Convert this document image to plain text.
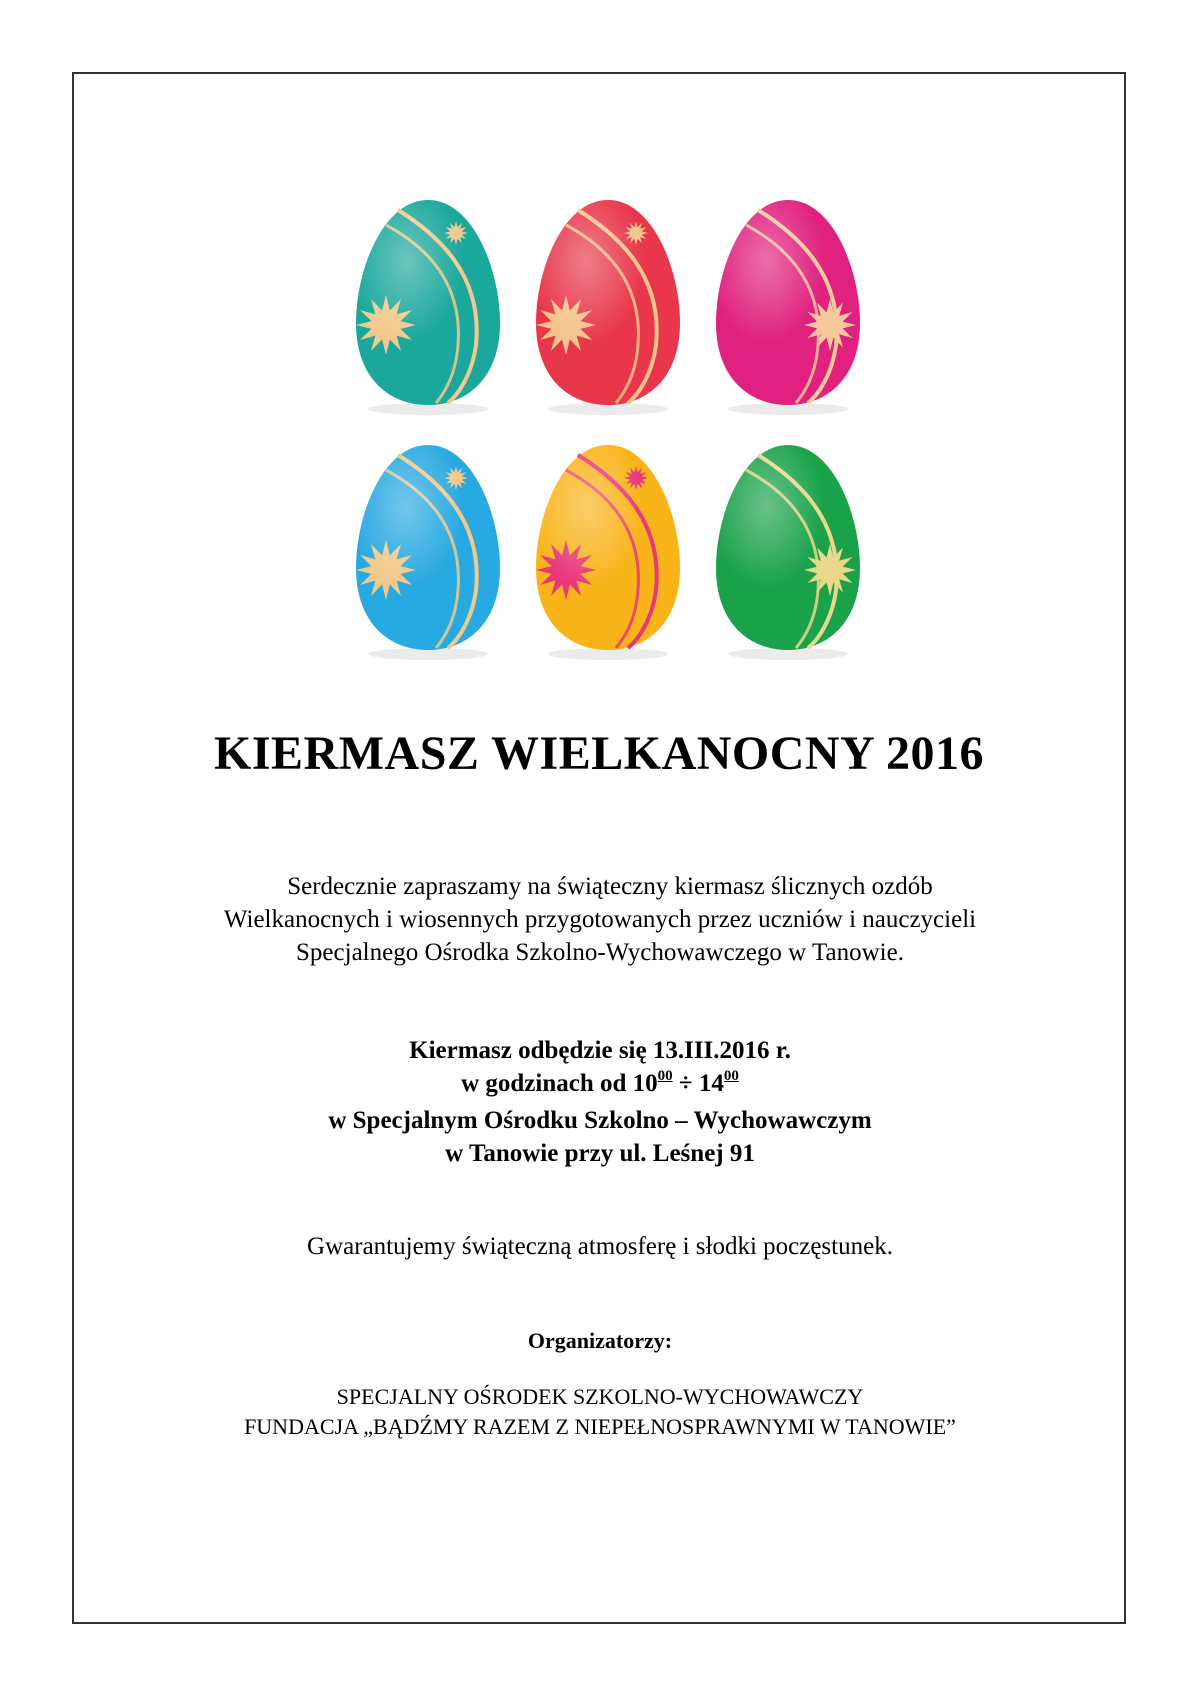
KIERMASZ WIELKANOCNY 2016

Serdecznie zapraszamy na świąteczny kiermasz ślicznych ozdób
Wielkanocnych i wiosennych przygotowanych przez uczniów i nauczycieli
Specjalnego Ośrodka Szkolno-Wychowawczego w Tanowie.

Kiermasz odbędzie się 13.III.2016 r.
w godzinach od $10^{00} \div 14^{00}$
w Specjalnym Ośrodku Szkolno – Wychowawczym
w Tanowie przy ul. Leśnej 91

Gwarantujemy świąteczną atmosferę i słodki poczęstunek.

Organizatorzy:

SPECJALNY OŚRODEK SZKOLNO-WYCHOWAWCZY
FUNDACJA „BĄDŹMY RAZEM Z NIEPEŁNOSPRAWNYMI W TANOWIE”
